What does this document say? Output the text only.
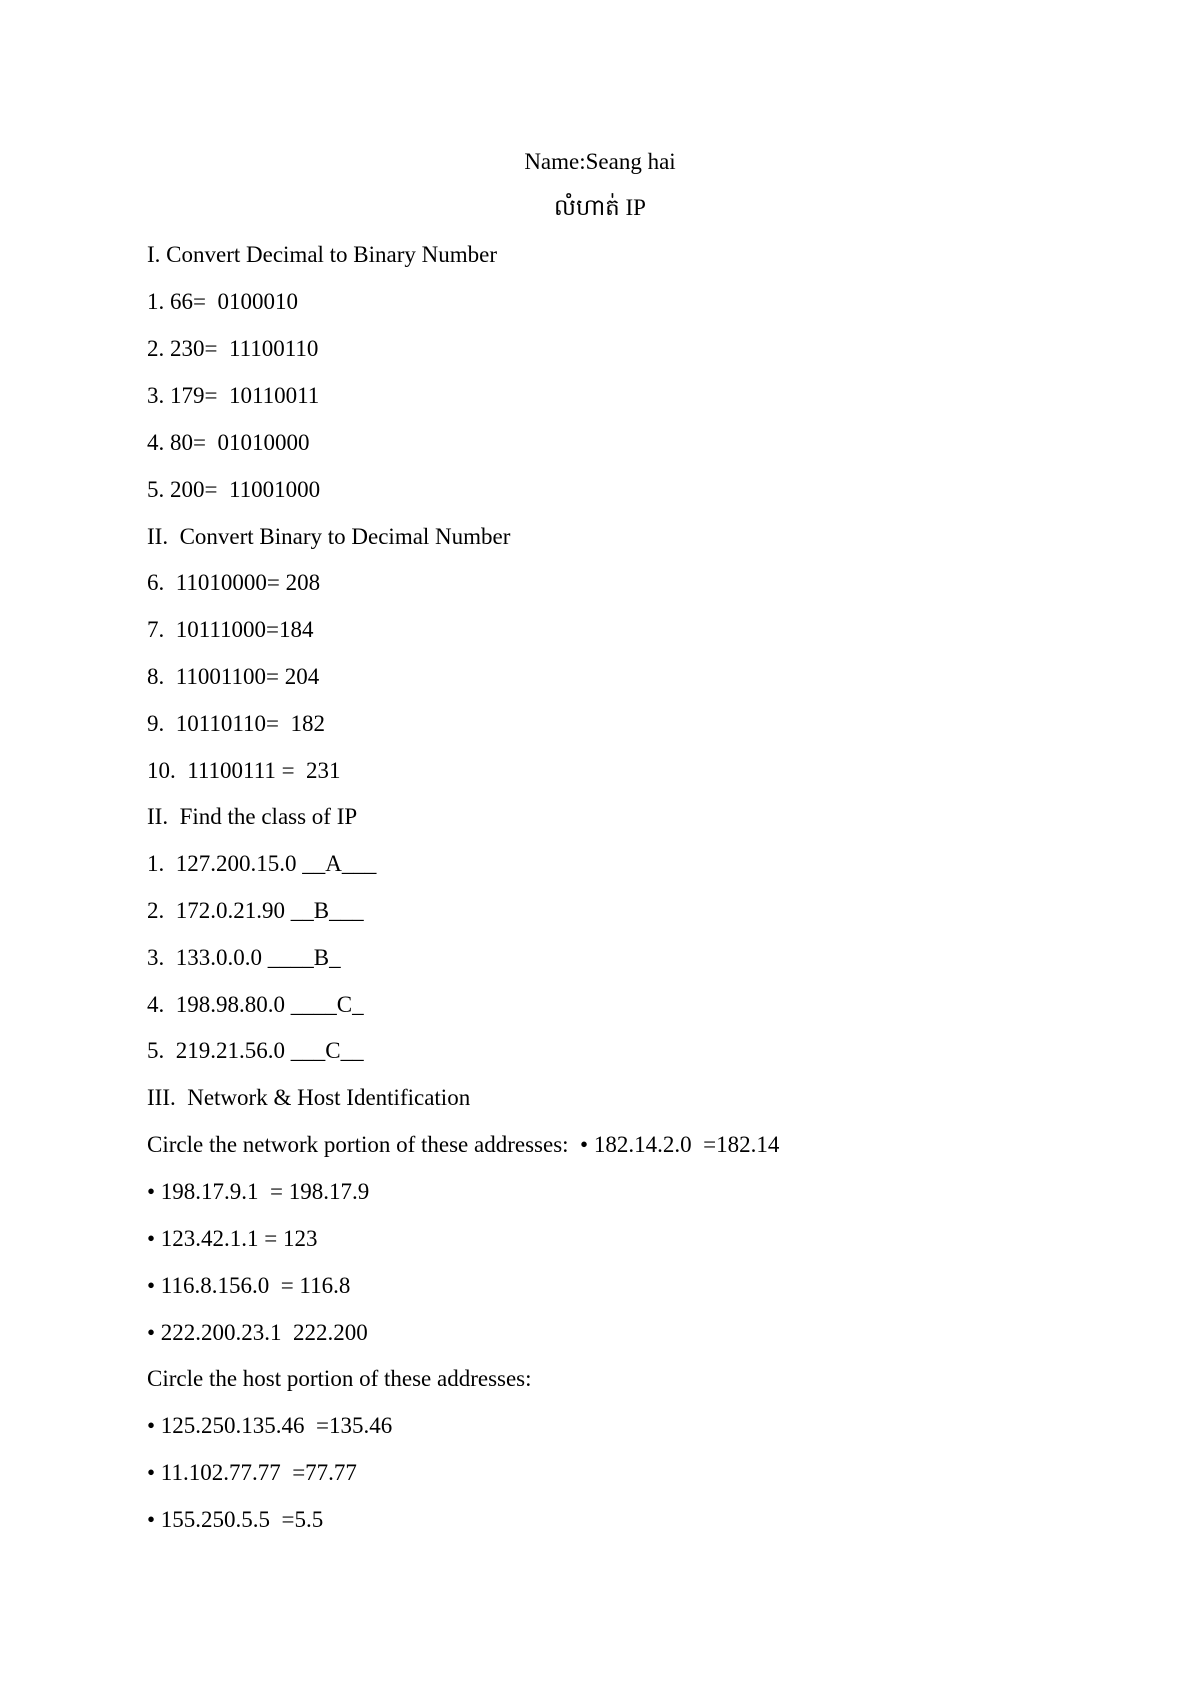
Name:Seang hai
លំហាត់ IP
I. Convert Decimal to Binary Number
1. 66=  0100010
2. 230=  11100110
3. 179=  10110011
4. 80=  01010000
5. 200=  11001000
II.  Convert Binary to Decimal Number
6.  11010000= 208
7.  10111000=184
8.  11001100= 204
9.  10110110=  182
10.  11100111 =  231
II.  Find the class of IP
1.  127.200.15.0 __A___
2.  172.0.21.90 __B___
3.  133.0.0.0 ____B_
4.  198.98.80.0 ____C_
5.  219.21.56.0 ___C__
III.  Network & Host Identification
Circle the network portion of these addresses:  • 182.14.2.0  =182.14
• 198.17.9.1  = 198.17.9
• 123.42.1.1 = 123
• 116.8.156.0  = 116.8
• 222.200.23.1  222.200
Circle the host portion of these addresses:
• 125.250.135.46  =135.46
• 11.102.77.77  =77.77
• 155.250.5.5  =5.5
